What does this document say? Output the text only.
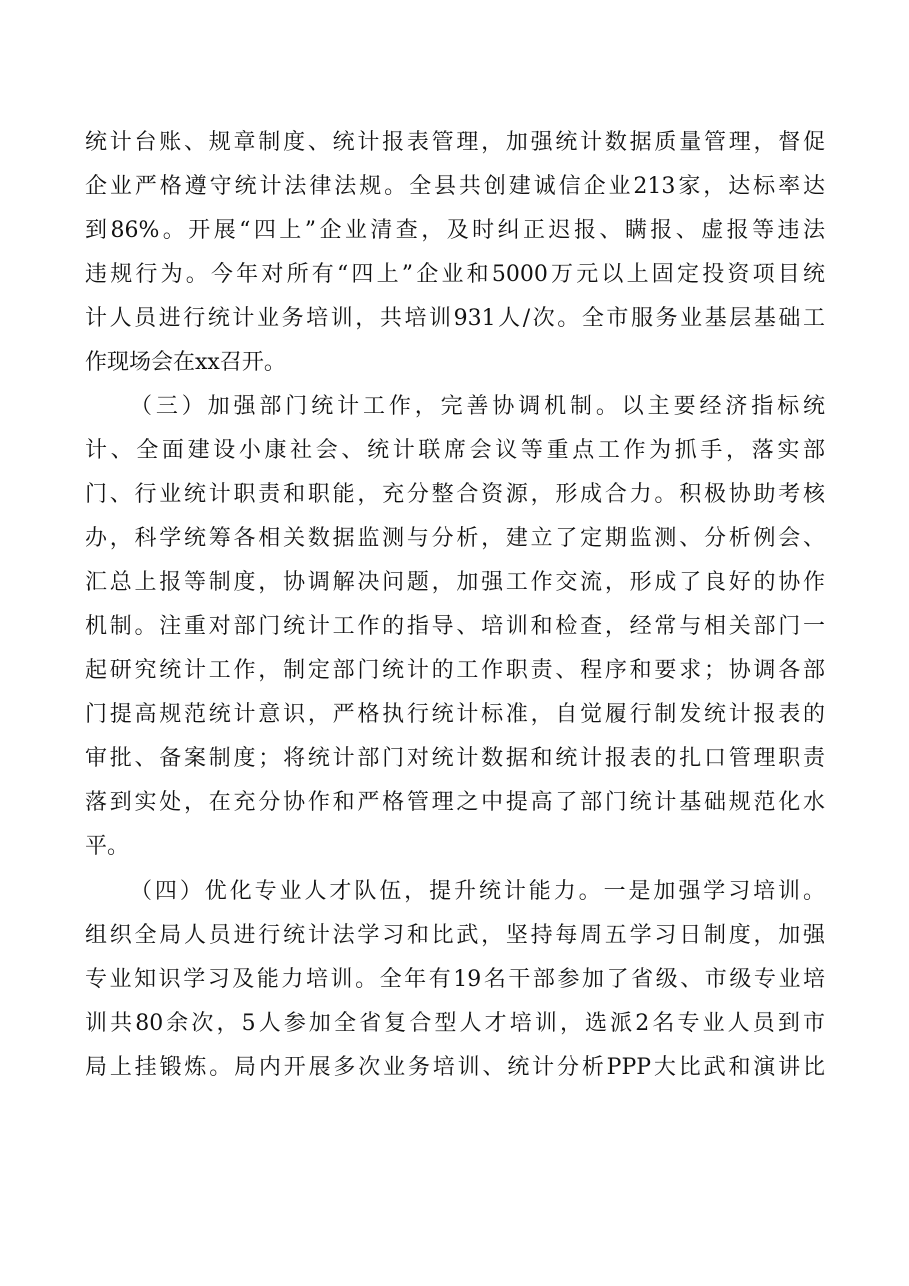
统计台账、规章制度、统计报表管理，加强统计数据质量管理，督促
企业严格遵守统计法律法规。全县共创建诚信企业213家，达标率达
到86%。开展“四上”企业清查，及时纠正迟报、瞒报、虚报等违法
违规行为。今年对所有“四上”企业和5000万元以上固定投资项目统
计人员进行统计业务培训，共培训931人/次。全市服务业基层基础工
作现场会在xx召开。
（三）加强部门统计工作，完善协调机制。以主要经济指标统
计、全面建设小康社会、统计联席会议等重点工作为抓手，落实部
门、行业统计职责和职能，充分整合资源，形成合力。积极协助考核
办，科学统筹各相关数据监测与分析，建立了定期监测、分析例会、
汇总上报等制度，协调解决问题，加强工作交流，形成了良好的协作
机制。注重对部门统计工作的指导、培训和检查，经常与相关部门一
起研究统计工作，制定部门统计的工作职责、程序和要求；协调各部
门提高规范统计意识，严格执行统计标准，自觉履行制发统计报表的
审批、备案制度；将统计部门对统计数据和统计报表的扎口管理职责
落到实处，在充分协作和严格管理之中提高了部门统计基础规范化水
平。
（四）优化专业人才队伍，提升统计能力。一是加强学习培训。
组织全局人员进行统计法学习和比武，坚持每周五学习日制度，加强
专业知识学习及能力培训。全年有19名干部参加了省级、市级专业培
训共80余次，5人参加全省复合型人才培训，选派2名专业人员到市
局上挂锻炼。局内开展多次业务培训、统计分析PPP大比武和演讲比
